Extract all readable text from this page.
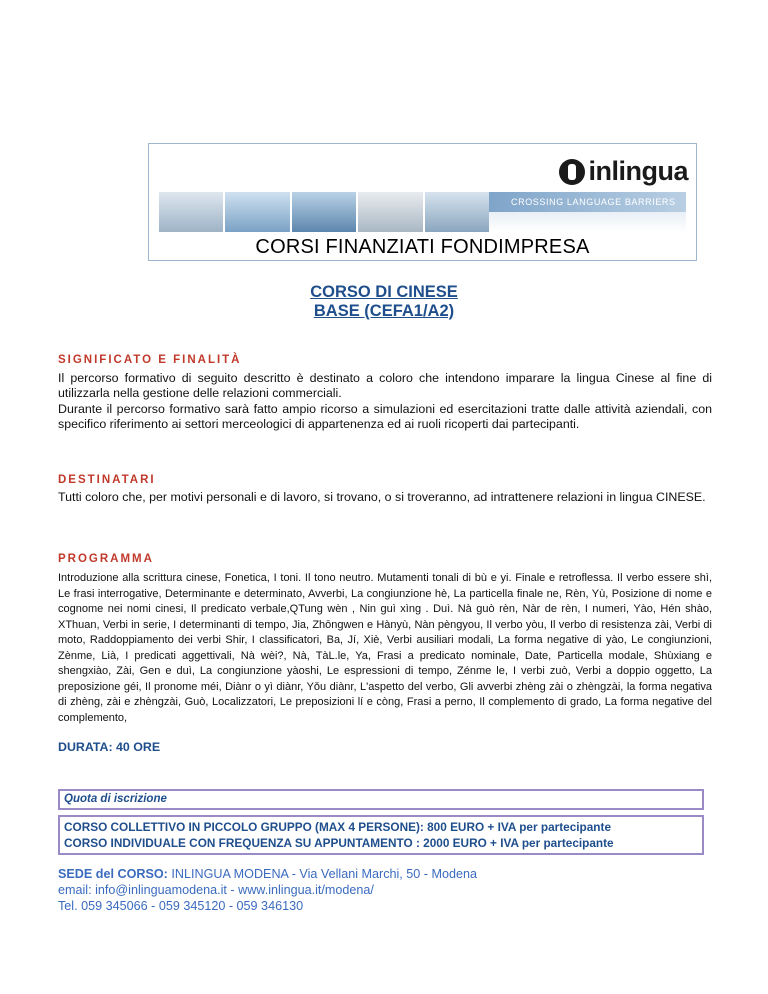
inlingua
CROSSING LANGUAGE BARRIERS
CORSI FINANZIATI FONDIMPRESA
CORSO DI CINESE
BASE (CEFA1/A2)
SIGNIFICATO E FINALITÀ

Il percorso formativo di seguito descritto è destinato a coloro che intendono imparare la lingua Cinese al fine di utilizzarla nella gestione delle relazioni commerciali.

Durante il percorso formativo sarà fatto ampio ricorso a simulazioni ed esercitazioni tratte dalle attività aziendali, con specifico riferimento ai settori merceologici di appartenenza ed ai ruoli ricoperti dai partecipanti.

DESTINATARI

Tutti coloro che, per motivi personali e di lavoro, si trovano, o si troveranno, ad intrattenere relazioni in lingua CINESE.

PROGRAMMA

Introduzione alla scrittura cinese, Fonetica, I toni. Il tono neutro. Mutamenti tonali di bù e yi. Finale e retroflessa. Il verbo essere shì, Le frasi interrogative, Determinante e determinato, Avverbi, La congiunzione hè, La particella finale ne, Rèn, Yù, Posizione di nome e cognome nei nomi cinesi, Il predicato verbale,QTung wèn , Nin guì xìng . Duì. Nà guò rèn, Nàr de rèn, I numeri, Yào, Hén shào, XThuan, Verbi in serie, I determinanti di tempo, Jia, Zhōngwen e Hànyù, Nàn pèngyou, Il verbo yòu, Il verbo di resistenza zài, Verbi di moto, Raddoppiamento dei verbi Shir, I classificatori, Ba, Jí, Xiè, Verbi ausiliari modali, La forma negative di yào, Le congiunzioni, Zènme, Lià, I predicati aggettivali, Nà wèi?, Nà, TàL.le, Ya, Frasi a predicato nominale, Date, Particella modale, Shùxiang e shengxiào, Zài, Gen e duì, La congiunzione yàoshi, Le espressioni di tempo, Zénme le, I verbi zuò, Verbi a doppio oggetto, La preposizione géi, Il pronome méi, Diànr o yì diànr, Yǒu diànr, L'aspetto del verbo, Gli avverbi zhèng zài o zhèngzài, la forma negativa di zhèng, zài e zhèngzài, Guò, Localizzatori, Le preposizioni lí e còng, Frasi a perno, Il complemento di grado, La forma negative del complemento,

DURATA: 40 ORE
Quota di iscrizione
CORSO COLLETTIVO IN PICCOLO GRUPPO (MAX 4 PERSONE): 800 EURO + IVA per partecipante
CORSO INDIVIDUALE CON FREQUENZA SU APPUNTAMENTO : 2000 EURO + IVA per partecipante
SEDE del CORSO: INLINGUA MODENA - Via Vellani Marchi, 50 - Modena
email: info@inlinguamodena.it - www.inlingua.it/modena/
Tel. 059 345066 - 059 345120 - 059 346130
